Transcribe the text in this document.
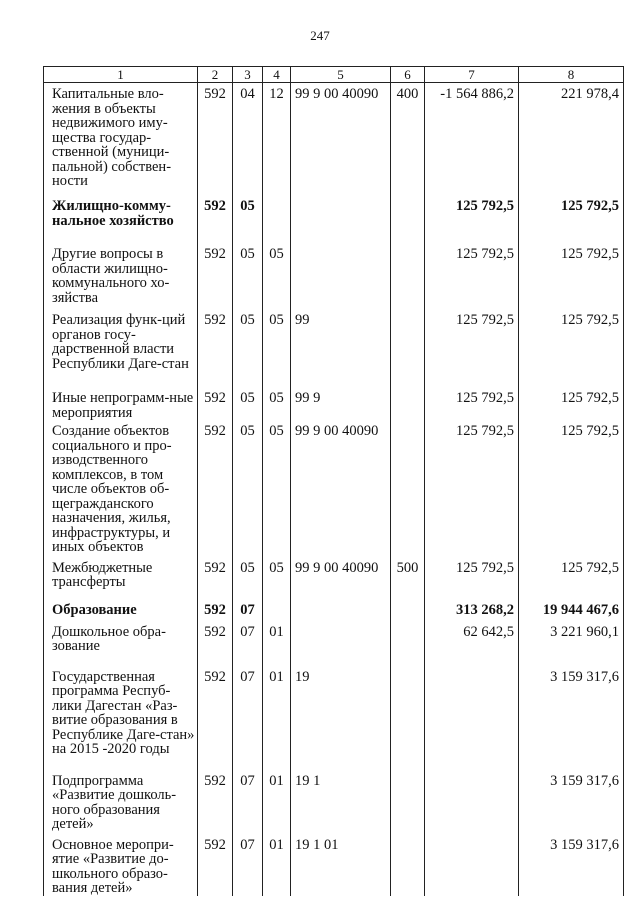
247
1	2	3	4	5	6	7	8
Капитальные вло-жения в объекты недвижимого иму-щества государ-ственной (муници-пальной) собствен-ности	592	04	12	99 9 00 40090	400	-1 564 886,2	221 978,4
Жилищно-комму-нальное хозяйство	592	05				125 792,5	125 792,5
Другие вопросы в области жилищно-коммунального хо-зяйства	592	05	05			125 792,5	125 792,5
Реализация функ-ций органов госу-дарственной власти Республики Даге-стан	592	05	05	99		125 792,5	125 792,5
Иные непрограмм-ные мероприятия	592	05	05	99 9		125 792,5	125 792,5
Создание объектов социального и про-изводственного комплексов, в том числе объектов об-щегражданского назначения, жилья, инфраструктуры, и иных объектов	592	05	05	99 9 00 40090		125 792,5	125 792,5
Межбюджетные трансферты	592	05	05	99 9 00 40090	500	125 792,5	125 792,5
Образование	592	07				313 268,2	19 944 467,6
Дошкольное обра-зование	592	07	01			62 642,5	3 221 960,1
Государственная программа Респуб-лики Дагестан «Раз-витие образования в Республике Даге-стан» на 2015 -2020 годы	592	07	01	19			3 159 317,6
Подпрограмма «Развитие дошколь-ного образования детей»	592	07	01	19 1			3 159 317,6
Основное меропри-ятие «Развитие до-школьного образо-вания детей»	592	07	01	19 1 01			3 159 317,6
